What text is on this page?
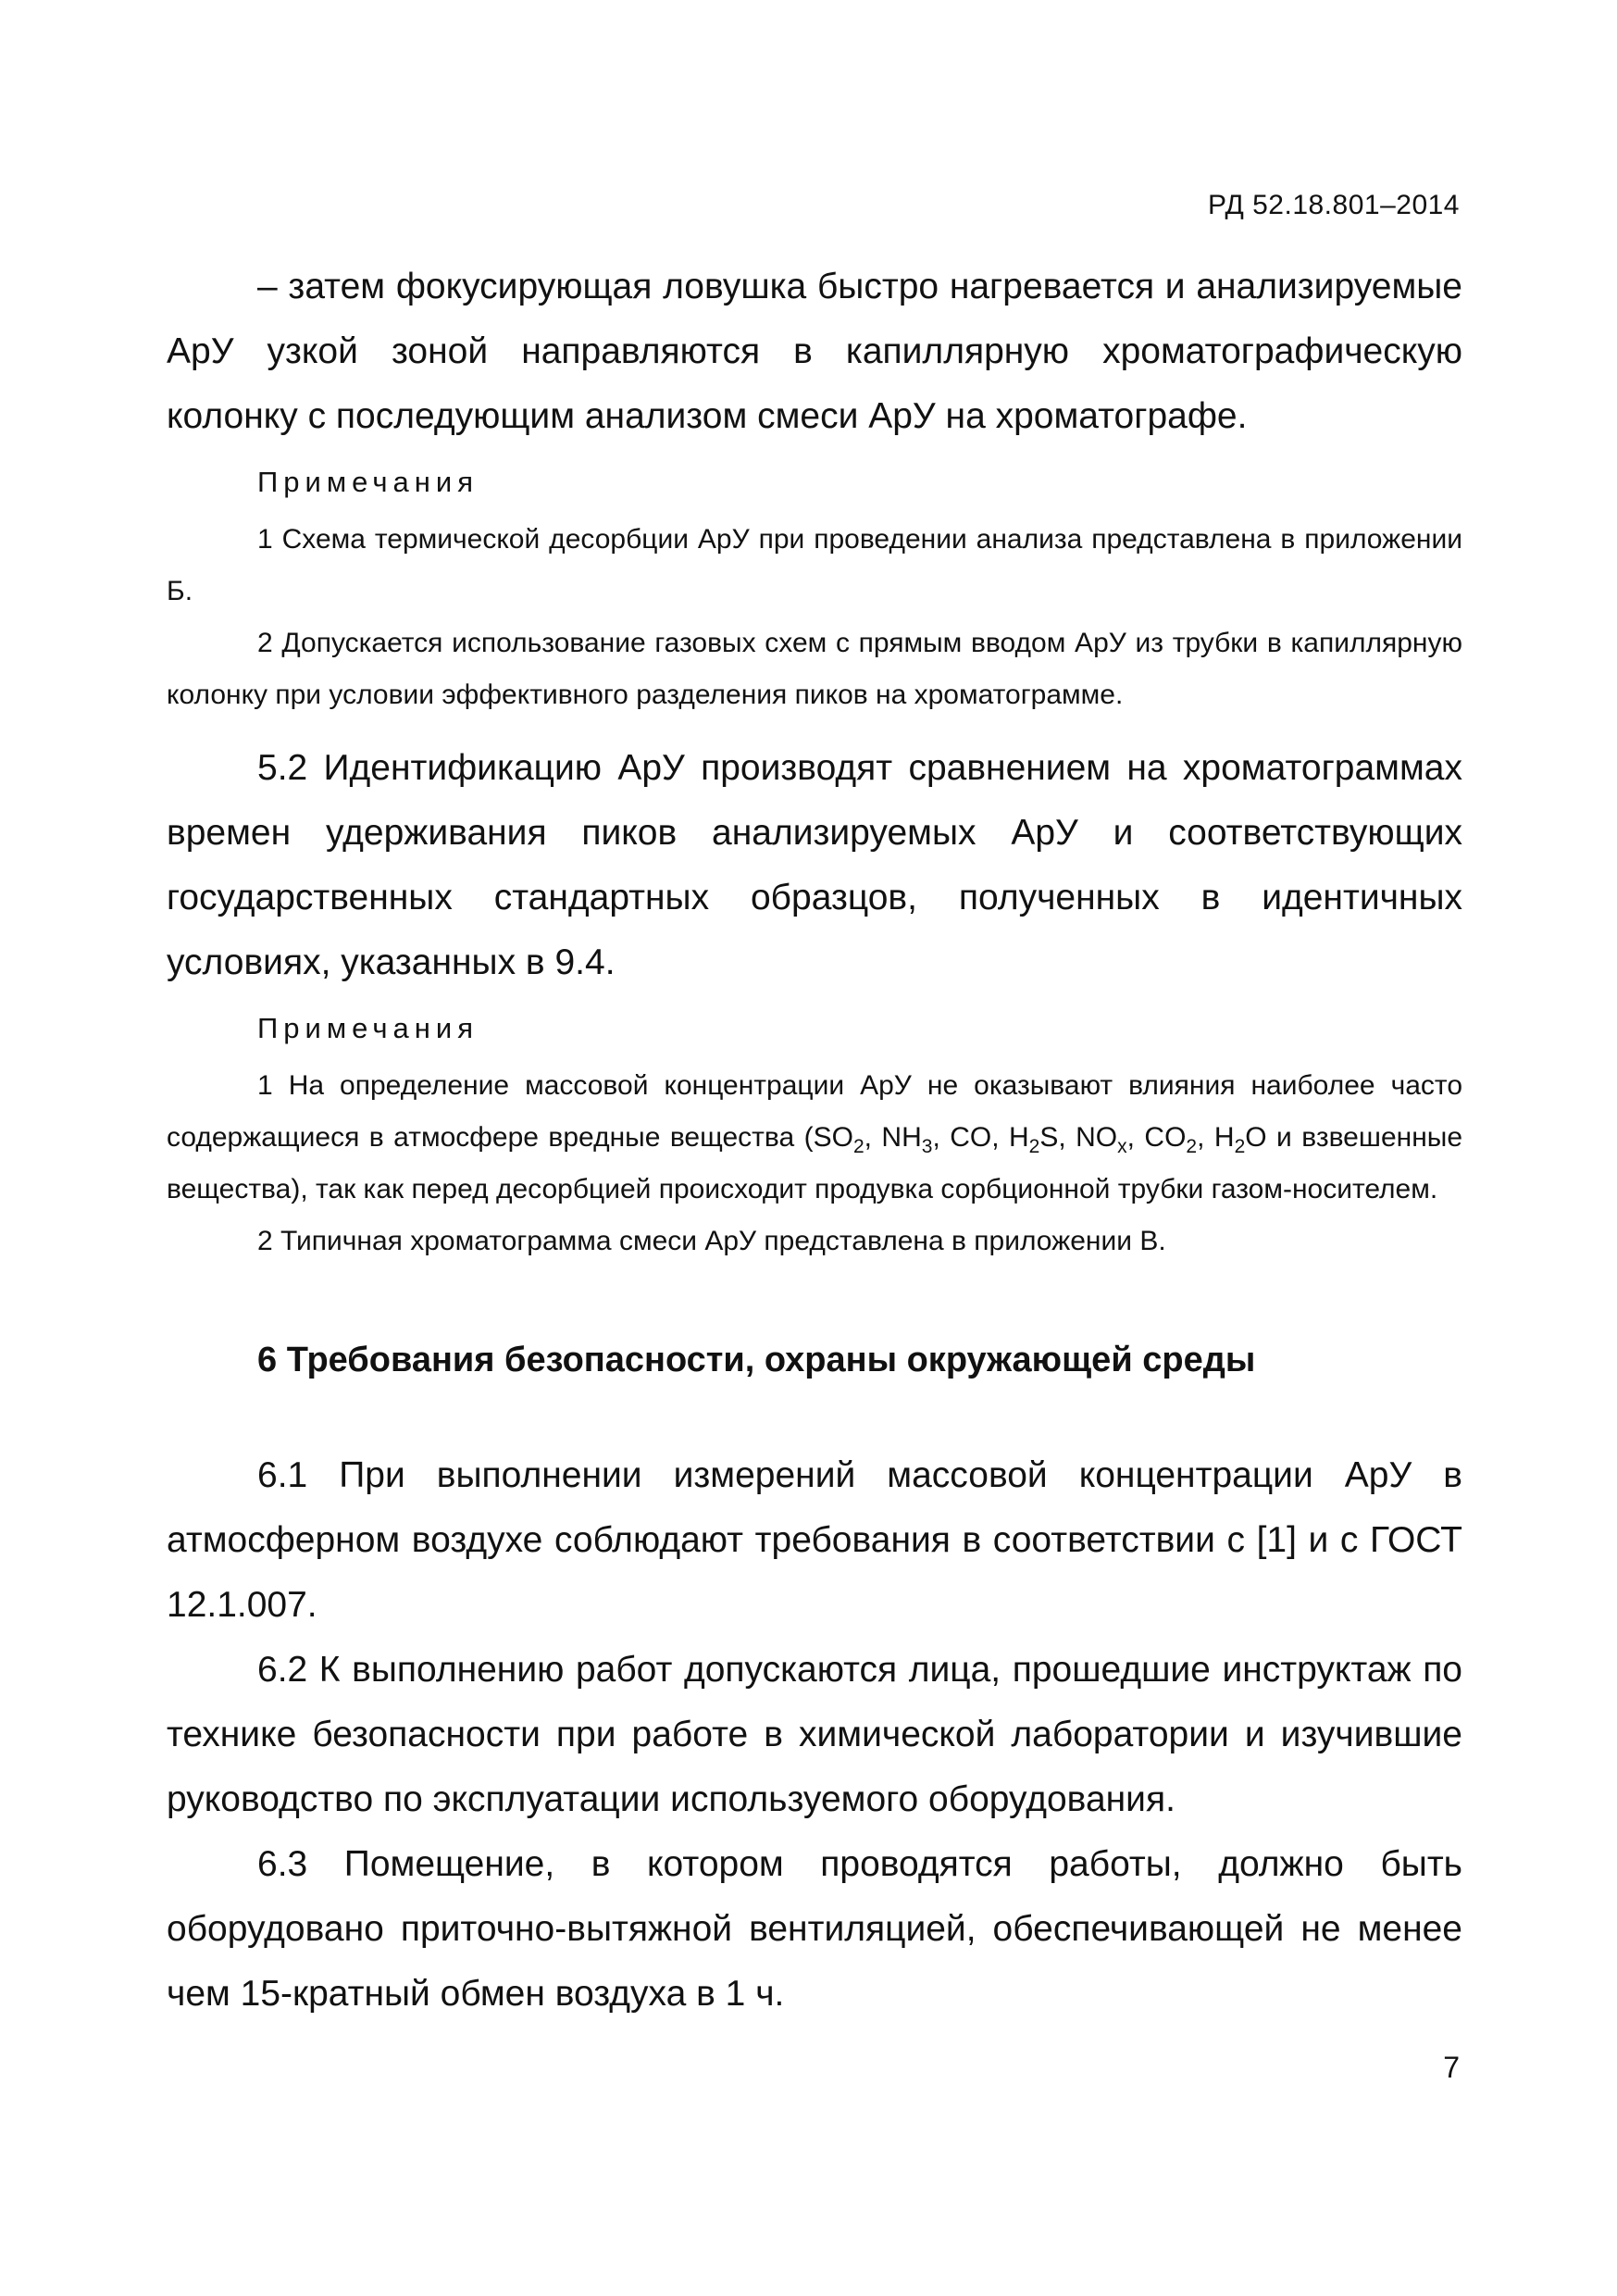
РД 52.18.801–2014

– затем фокусирующая ловушка быстро нагревается и анализируемые АрУ узкой зоной направляются в капиллярную хроматографическую колонку с последующим анализом смеси АрУ на хроматографе.

Примечания

1 Схема термической десорбции АрУ при проведении анализа представлена в приложении Б.

2 Допускается использование газовых схем с прямым вводом АрУ из трубки в капиллярную колонку при условии эффективного разделения пиков на хроматограмме.

5.2 Идентификацию АрУ производят сравнением на хроматограммах времен удерживания пиков анализируемых АрУ и соответствующих государственных стандартных образцов, полученных в идентичных условиях, указанных в 9.4.

Примечания

1 На определение массовой концентрации АрУ не оказывают влияния наиболее часто содержащиеся в атмосфере вредные вещества ($SO_2$, $NH_3$, CO, $H_2S$, $NO_x$, $CO_2$, $H_2O$ и взвешенные вещества), так как перед десорбцией происходит продувка сорбционной трубки газом-носителем.

2 Типичная хроматограмма смеси АрУ представлена в приложении В.

6 Требования безопасности, охраны окружающей среды

6.1 При выполнении измерений массовой концентрации АрУ в атмосферном воздухе соблюдают требования в соответствии с [1] и с ГОСТ 12.1.007.

6.2 К выполнению работ допускаются лица, прошедшие инструктаж по технике безопасности при работе в химической лаборатории и изучившие руководство по эксплуатации используемого оборудования.

6.3 Помещение, в котором проводятся работы, должно быть оборудовано приточно-вытяжной вентиляцией, обеспечивающей не менее чем 15-кратный обмен воздуха в 1 ч.

7
